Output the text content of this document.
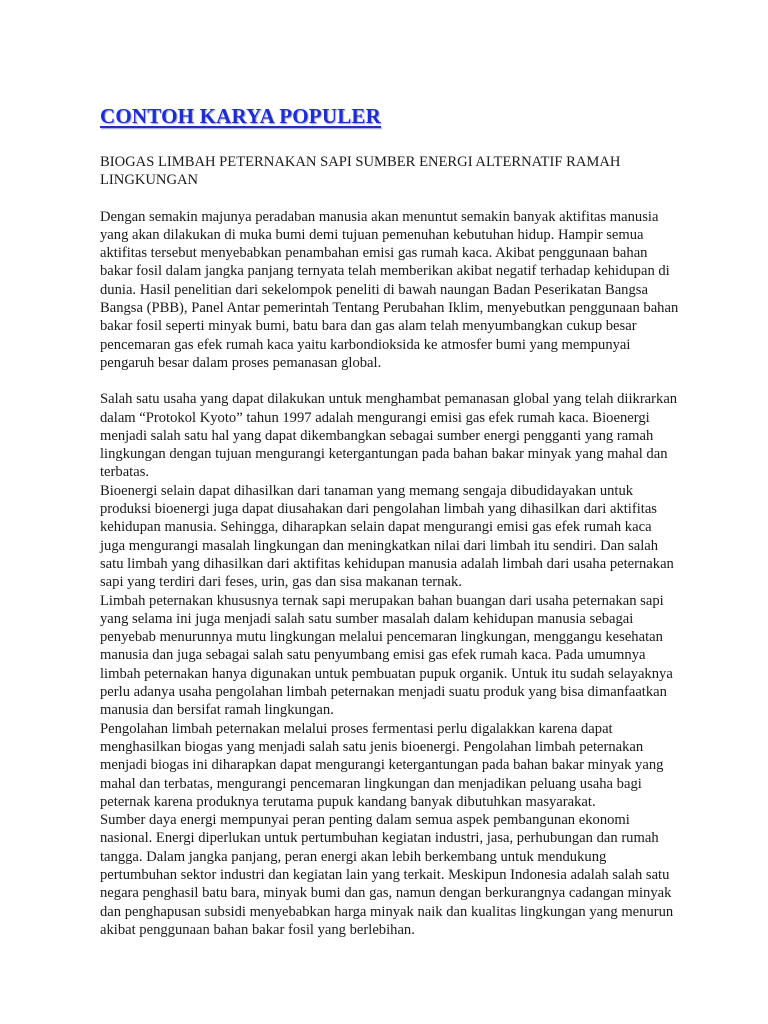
CONTOH KARYA POPULER
BIOGAS LIMBAH PETERNAKAN SAPI SUMBER ENERGI ALTERNATIF RAMAH LINGKUNGAN

Dengan semakin majunya peradaban manusia akan menuntut semakin banyak aktifitas manusia yang akan dilakukan di muka bumi demi tujuan pemenuhan kebutuhan hidup. Hampir semua aktifitas tersebut menyebabkan penambahan emisi gas rumah kaca. Akibat penggunaan bahan bakar fosil dalam jangka panjang ternyata telah memberikan akibat negatif terhadap kehidupan di dunia. Hasil penelitian dari sekelompok peneliti di bawah naungan Badan Peserikatan Bangsa Bangsa (PBB), Panel Antar pemerintah Tentang Perubahan Iklim, menyebutkan penggunaan bahan bakar fosil seperti minyak bumi, batu bara dan gas alam telah menyumbangkan cukup besar pencemaran gas efek rumah kaca yaitu karbondioksida ke atmosfer bumi yang mempunyai pengaruh besar dalam proses pemanasan global.

Salah satu usaha yang dapat dilakukan untuk menghambat pemanasan global yang telah diikrarkan dalam “Protokol Kyoto” tahun 1997 adalah mengurangi emisi gas efek rumah kaca. Bioenergi menjadi salah satu hal yang dapat dikembangkan sebagai sumber energi pengganti yang ramah lingkungan dengan tujuan mengurangi ketergantungan pada bahan bakar minyak yang mahal dan terbatas.

Bioenergi selain dapat dihasilkan dari tanaman yang memang sengaja dibudidayakan untuk produksi bioenergi juga dapat diusahakan dari pengolahan limbah yang dihasilkan dari aktifitas kehidupan manusia. Sehingga, diharapkan selain dapat mengurangi emisi gas efek rumah kaca juga mengurangi masalah lingkungan dan meningkatkan nilai dari limbah itu sendiri. Dan salah satu limbah yang dihasilkan dari aktifitas kehidupan manusia adalah limbah dari usaha peternakan sapi yang terdiri dari feses, urin, gas dan sisa makanan ternak.

Limbah peternakan khususnya ternak sapi merupakan bahan buangan dari usaha peternakan sapi yang selama ini juga menjadi salah satu sumber masalah dalam kehidupan manusia sebagai penyebab menurunnya mutu lingkungan melalui pencemaran lingkungan, menggangu kesehatan manusia dan juga sebagai salah satu penyumbang emisi gas efek rumah kaca. Pada umumnya limbah peternakan hanya digunakan untuk pembuatan pupuk organik. Untuk itu sudah selayaknya perlu adanya usaha pengolahan limbah peternakan menjadi suatu produk yang bisa dimanfaatkan manusia dan bersifat ramah lingkungan.

Pengolahan limbah peternakan melalui proses fermentasi perlu digalakkan karena dapat menghasilkan biogas yang menjadi salah satu jenis bioenergi. Pengolahan limbah peternakan menjadi biogas ini diharapkan dapat mengurangi ketergantungan pada bahan bakar minyak yang mahal dan terbatas, mengurangi pencemaran lingkungan dan menjadikan peluang usaha bagi peternak karena produknya terutama pupuk kandang banyak dibutuhkan masyarakat.

Sumber daya energi mempunyai peran penting dalam semua aspek pembangunan ekonomi nasional. Energi diperlukan untuk pertumbuhan kegiatan industri, jasa, perhubungan dan rumah tangga. Dalam jangka panjang, peran energi akan lebih berkembang untuk mendukung pertumbuhan sektor industri dan kegiatan lain yang terkait. Meskipun Indonesia adalah salah satu negara penghasil batu bara, minyak bumi dan gas, namun dengan berkurangnya cadangan minyak dan penghapusan subsidi menyebabkan harga minyak naik dan kualitas lingkungan yang menurun akibat penggunaan bahan bakar fosil yang berlebihan.
